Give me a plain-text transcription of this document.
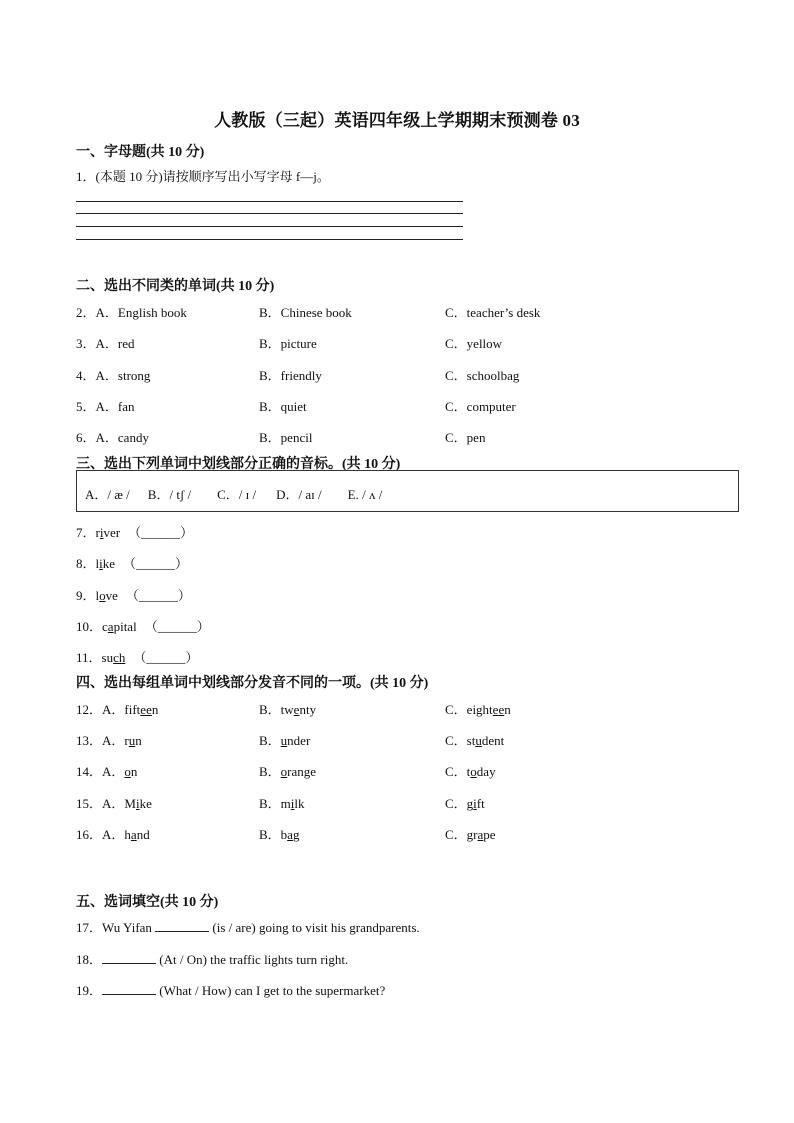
人教版（三起）英语四年级上学期期末预测卷 03
一、字母题(共 10 分)
1．(本题 10 分)请按顺序写出小写字母 f—j。
二、选出不同类的单词(共 10 分)
2．A．English book	B．Chinese book	C．teacher’s desk
3．A．red	B．picture	C．yellow
4．A．strong	B．friendly	C．schoolbag
5．A．fan	B．quiet	C．computer
6．A．candy	B．pencil	C．pen
三、选出下列单词中划线部分正确的音标。(共 10 分)
A．/ æ / B．/ tʃ / C．/ ɪ / D．/ aɪ / E. / ʌ /
7．river （______）
8．like （______）
9．love （______）
10．capital （______）
11．such （______）
四、选出每组单词中划线部分发音不同的一项。(共 10 分)
12．A．fifteen	B．twenty	C．eighteen
13．A．run	B．under	C．student
14．A．on	B．orange	C．today
15．A．Mike	B．milk	C．gift
16．A．hand	B．bag	C．grape
五、选词填空(共 10 分)
17．Wu Yifan	(is / are) going to visit his grandparents.
18．	(At / On) the traffic lights turn right.
19．	(What / How) can I get to the supermarket?
